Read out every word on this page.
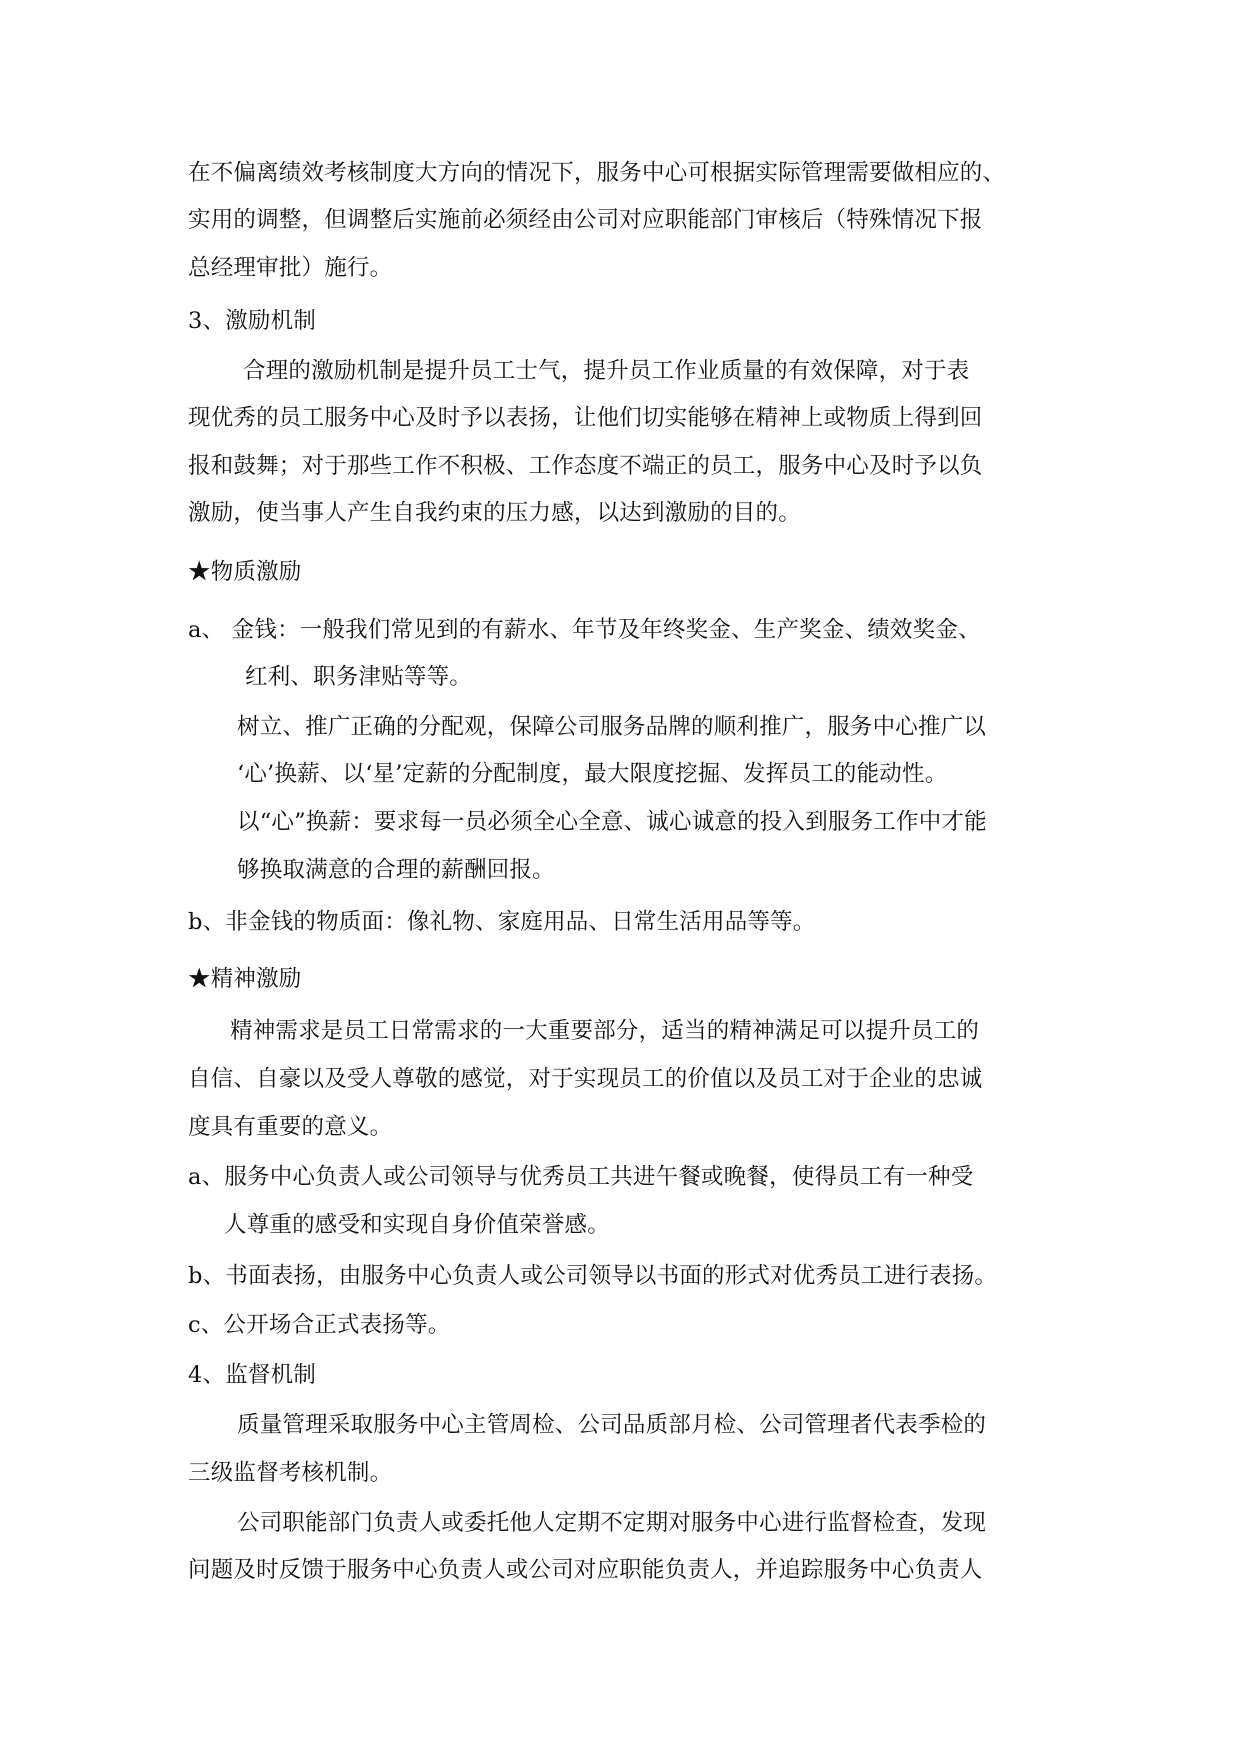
在不偏离绩效考核制度大方向的情况下，服务中心可根据实际管理需要做相应的、
实用的调整，但调整后实施前必须经由公司对应职能部门审核后（特殊情况下报
总经理审批）施行。
3、激励机制
合理的激励机制是提升员工士气，提升员工作业质量的有效保障，对于表
现优秀的员工服务中心及时予以表扬，让他们切实能够在精神上或物质上得到回
报和鼓舞；对于那些工作不积极、工作态度不端正的员工，服务中心及时予以负
激励，使当事人产生自我约束的压力感，以达到激励的目的。
★物质激励
a、 金钱：一般我们常见到的有薪水、年节及年终奖金、生产奖金、绩效奖金、
红利、职务津贴等等。
树立、推广正确的分配观，保障公司服务品牌的顺利推广，服务中心推广以
‘心’换薪、以‘星’定薪的分配制度，最大限度挖掘、发挥员工的能动性。
以“心”换薪：要求每一员必须全心全意、诚心诚意的投入到服务工作中才能
够换取满意的合理的薪酬回报。
b、非金钱的物质面：像礼物、家庭用品、日常生活用品等等。
★精神激励
精神需求是员工日常需求的一大重要部分，适当的精神满足可以提升员工的
自信、自豪以及受人尊敬的感觉，对于实现员工的价值以及员工对于企业的忠诚
度具有重要的意义。
a、服务中心负责人或公司领导与优秀员工共进午餐或晚餐，使得员工有一种受
人尊重的感受和实现自身价值荣誉感。
b、书面表扬，由服务中心负责人或公司领导以书面的形式对优秀员工进行表扬。
c、公开场合正式表扬等。
4、监督机制
质量管理采取服务中心主管周检、公司品质部月检、公司管理者代表季检的
三级监督考核机制。
公司职能部门负责人或委托他人定期不定期对服务中心进行监督检查，发现
问题及时反馈于服务中心负责人或公司对应职能负责人，并追踪服务中心负责人
